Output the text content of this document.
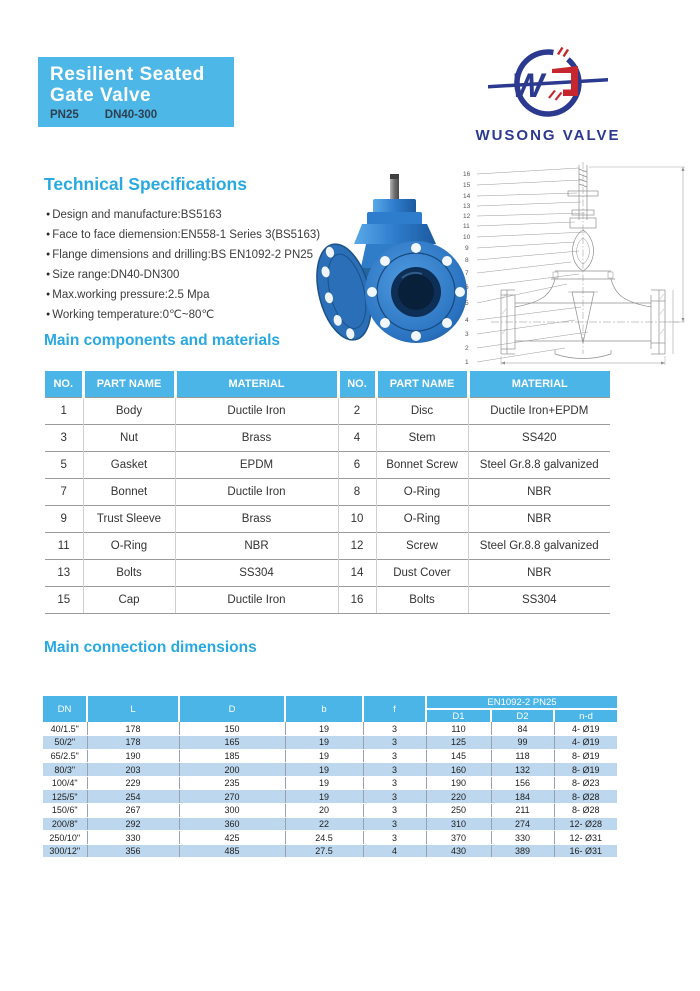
Resilient Seated
Gate Valve
PN25 DN40-300
W
WUSONG VALVE
Technical Specifications
● Design and manufacture:BS5163
● Face to face diemension:EN558-1 Series 3(BS5163)
● Flange dimensions and drilling:BS EN1092-2 PN25
● Size range:DN40-DN300
● Max.working pressure:2.5 Mpa
● Working temperature:0℃~80℃
16
15
14
13
12
11
10
9
8
7
6
5
4
3
2
1
Main components and materials
NO.	PART NAME	MATERIAL	NO.	PART NAME	MATERIAL
1	Body	Ductile Iron	2	Disc	Ductile Iron+EPDM
3	Nut	Brass	4	Stem	SS420
5	Gasket	EPDM	6	Bonnet Screw	Steel Gr.8.8 galvanized
7	Bonnet	Ductile Iron	8	O-Ring	NBR
9	Trust Sleeve	Brass	10	O-Ring	NBR
11	O-Ring	NBR	12	Screw	Steel Gr.8.8 galvanized
13	Bolts	SS304	14	Dust Cover	NBR
15	Cap	Ductile Iron	16	Bolts	SS304
Main connection dimensions
DN	L	D	b	f	EN1092-2 PN25		
					D1	D2	n-d
40/1.5"	178	150	19	3	110	84	4- Ø19
50/2"	178	165	19	3	125	99	4- Ø19
65/2.5"	190	185	19	3	145	118	8- Ø19
80/3"	203	200	19	3	160	132	8- Ø19
100/4"	229	235	19	3	190	156	8- Ø23
125/5"	254	270	19	3	220	184	8- Ø28
150/6"	267	300	20	3	250	211	8- Ø28
200/8"	292	360	22	3	310	274	12- Ø28
250/10"	330	425	24.5	3	370	330	12- Ø31
300/12"	356	485	27.5	4	430	389	16- Ø31
